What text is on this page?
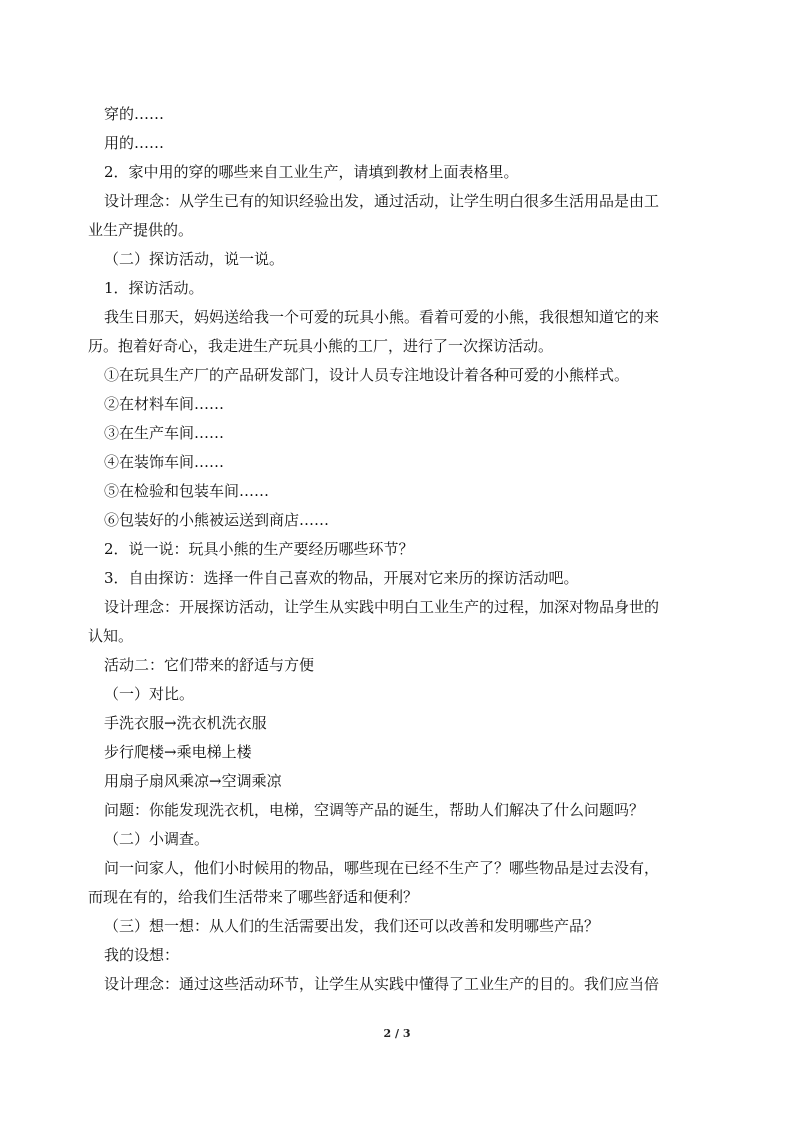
穿的……
用的……
2．家中用的穿的哪些来自工业生产，请填到教材上面表格里。
设计理念：从学生已有的知识经验出发，通过活动，让学生明白很多生活用品是由工
业生产提供的。
（二）探访活动，说一说。
1．探访活动。
我生日那天，妈妈送给我一个可爱的玩具小熊。看着可爱的小熊，我很想知道它的来
历。抱着好奇心，我走进生产玩具小熊的工厂，进行了一次探访活动。
①在玩具生产厂的产品研发部门，设计人员专注地设计着各种可爱的小熊样式。
②在材料车间……
③在生产车间……
④在装饰车间……
⑤在检验和包装车间……
⑥包装好的小熊被运送到商店……
2．说一说：玩具小熊的生产要经历哪些环节？
3．自由探访：选择一件自己喜欢的物品，开展对它来历的探访活动吧。
设计理念：开展探访活动，让学生从实践中明白工业生产的过程，加深对物品身世的
认知。
活动二：它们带来的舒适与方便
（一）对比。
手洗衣服→洗衣机洗衣服
步行爬楼→乘电梯上楼
用扇子扇风乘凉→空调乘凉
问题：你能发现洗衣机，电梯，空调等产品的诞生，帮助人们解决了什么问题吗？
（二）小调查。
问一问家人，他们小时候用的物品，哪些现在已经不生产了？哪些物品是过去没有，
而现在有的，给我们生活带来了哪些舒适和便利？
（三）想一想：从人们的生活需要出发，我们还可以改善和发明哪些产品？
我的设想：
设计理念：通过这些活动环节，让学生从实践中懂得了工业生产的目的。我们应当倍
2 / 3
